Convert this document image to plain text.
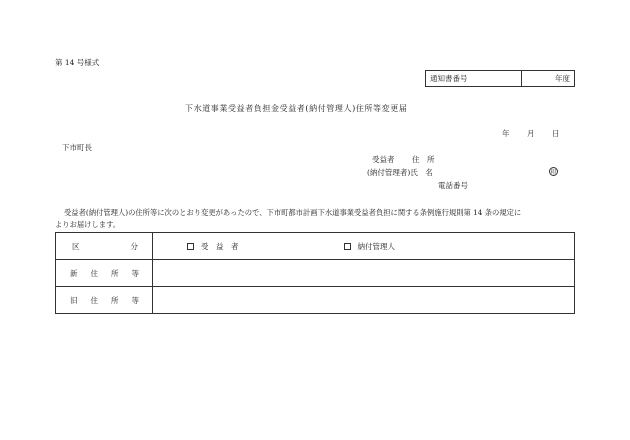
第 14 号様式
通知書番号	年度
下水道事業受益者負担金受益者(納付管理人)住所等変更届
年 月 日
下市町長
受益者 住　所
(納付管理者)氏　名	印
電話番号
受益者(納付管理人)の住所等に次のとおり変更があったので、下市町都市計画下水道事業受益者負担に関する条例施行規則第 14 条の規定に
よりお届けします。
区 分	受　益　者 納付管理人

新 住 所 等	

旧 住 所 等	
